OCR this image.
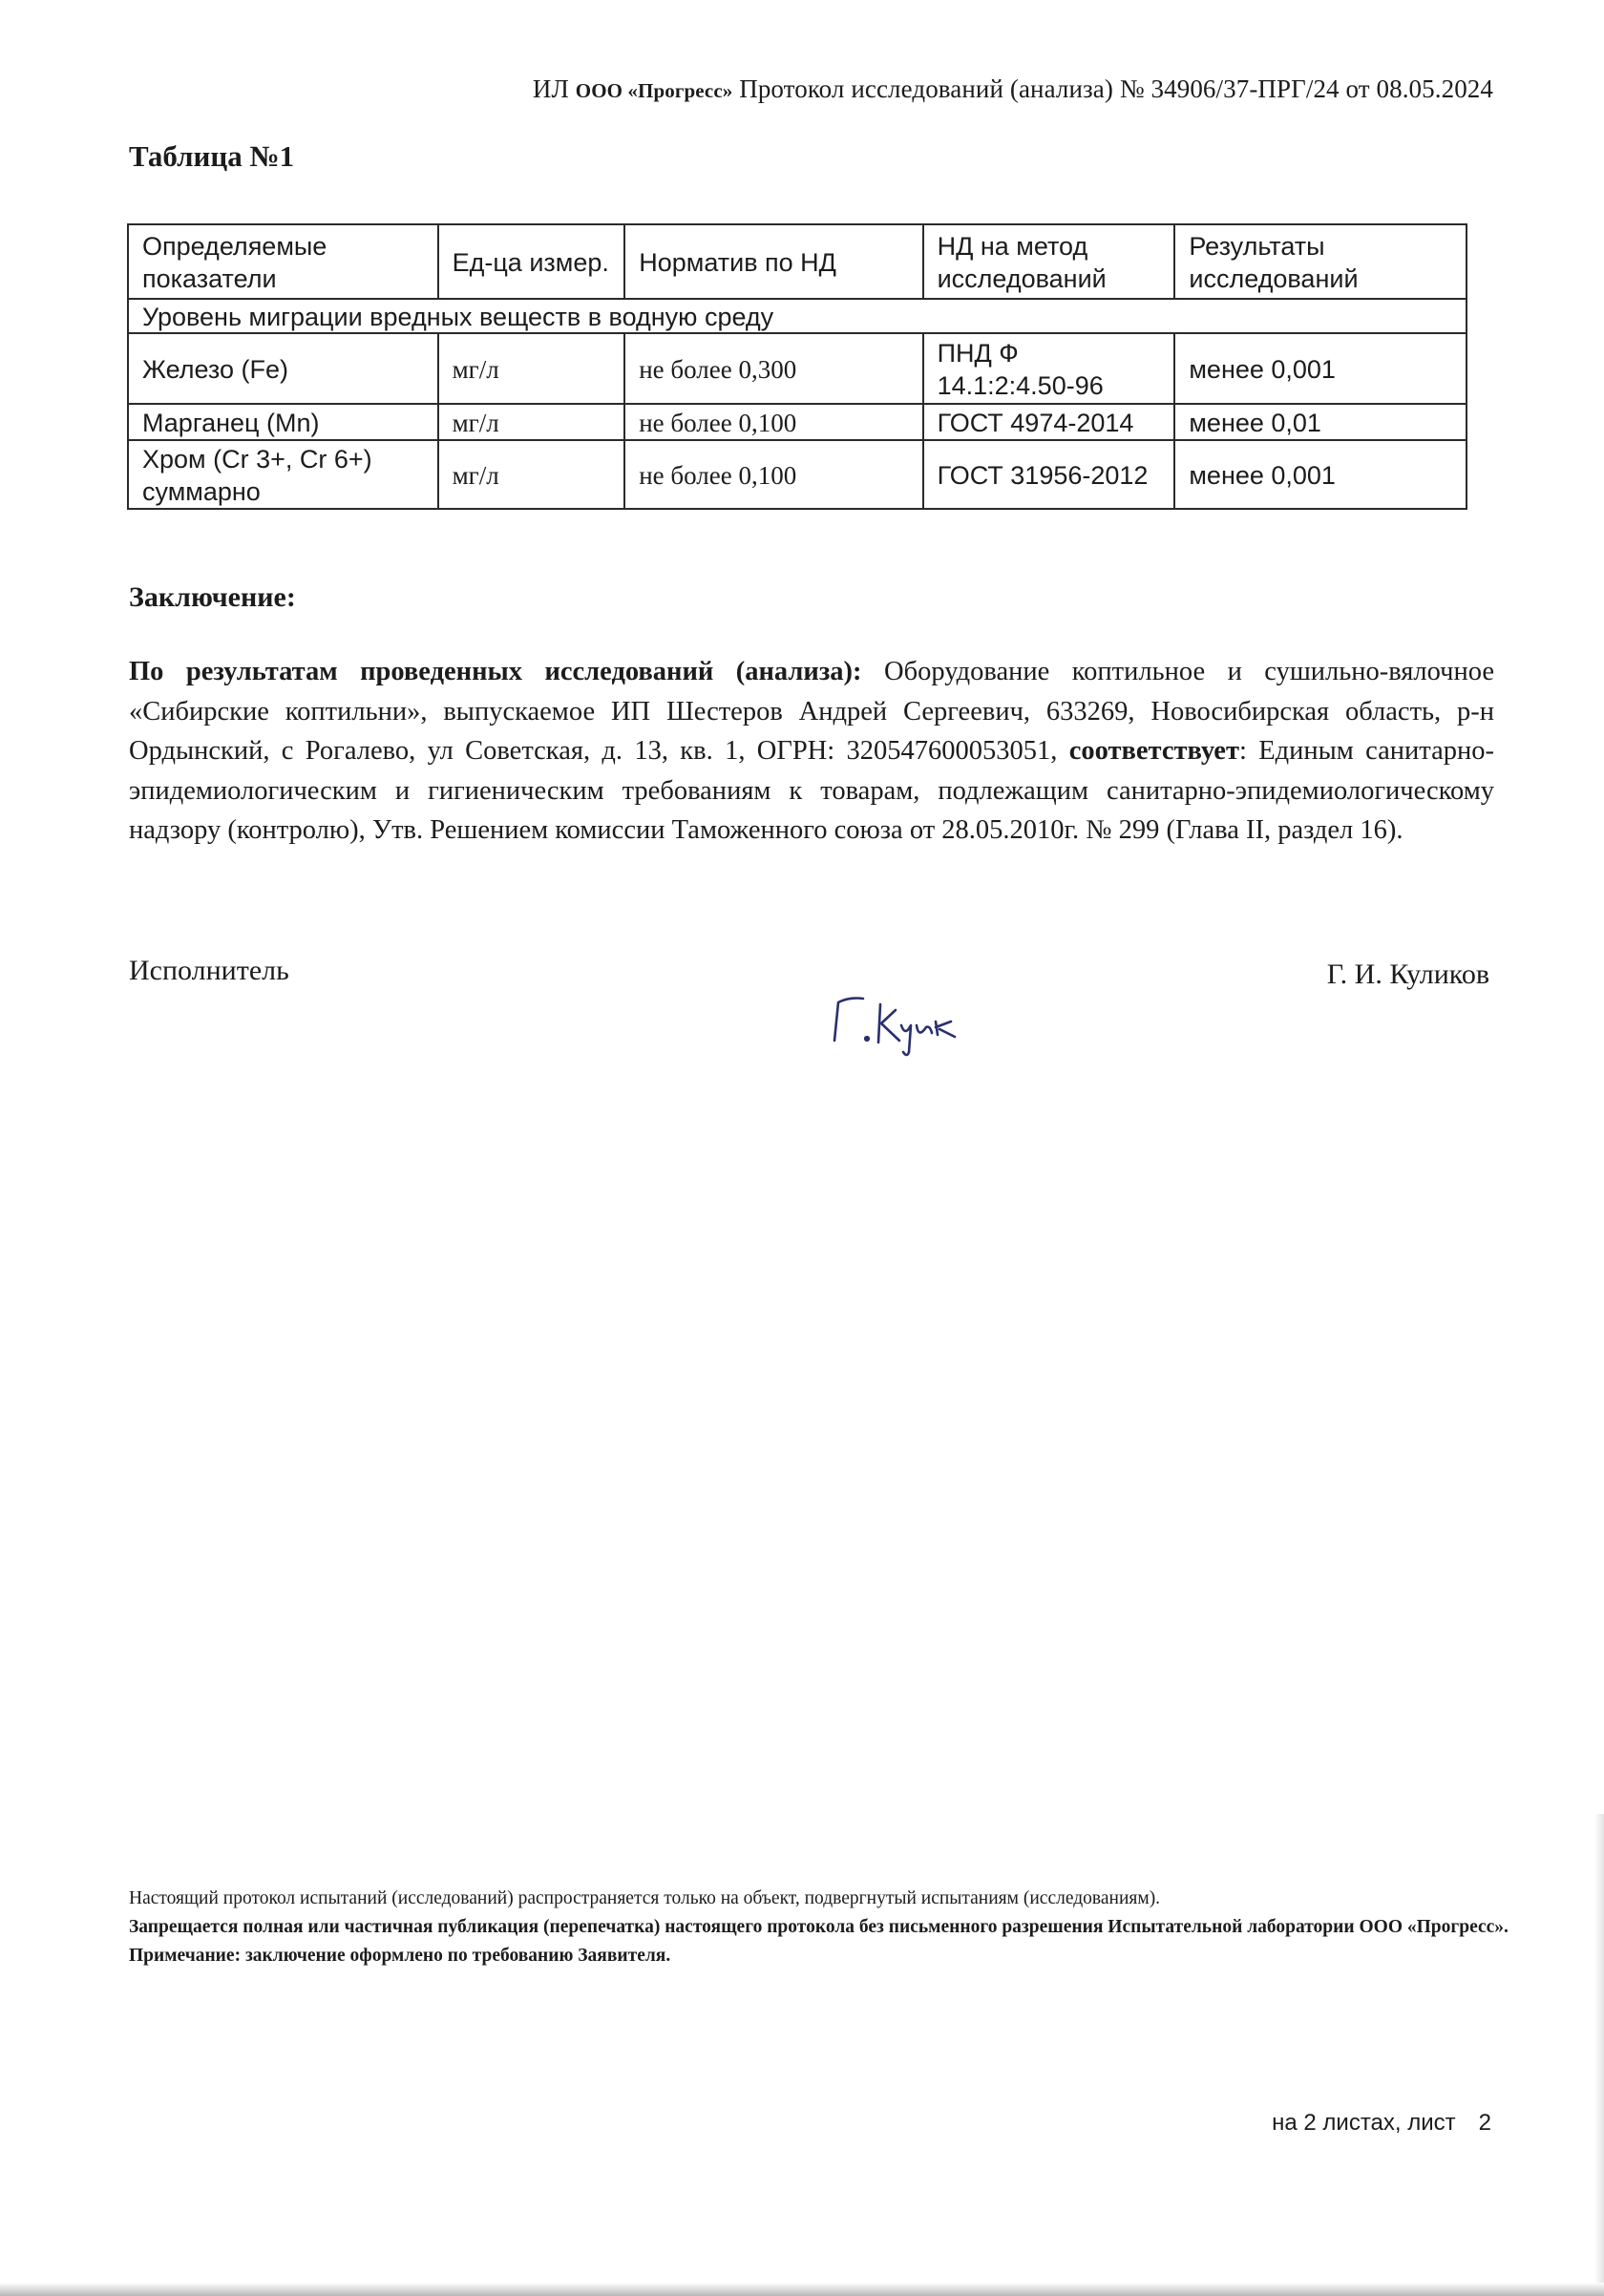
ИЛ ООО «Прогресс» Протокол исследований (анализа) № 34906/37-ПРГ/24 от 08.05.2024
Таблица №1
Определяемые показатели	Ед-ца измер.	Норматив по НД	НД на метод исследований	Результаты исследований
Уровень миграции вредных веществ в водную среду				
Железо (Fe)	мг/л	не более 0,300	ПНД Ф 14.1:2:4.50-96	менее 0,001
Марганец (Mn)	мг/л	не более 0,100	ГОСТ 4974-2014	менее 0,01
Хром (Cr 3+, Cr 6+) суммарно	мг/л	не более 0,100	ГОСТ 31956-2012	менее 0,001
Заключение:
По результатам проведенных исследований (анализа): Оборудование коптильное и сушильно-вялочное «Сибирские коптильни», выпускаемое ИП Шестеров Андрей Сергеевич, 633269, Новосибирская область, р-н Ордынский, с Рогалево, ул Советская, д. 13, кв. 1, ОГРН: 320547600053051, соответствует: Единым санитарно-эпидемиологическим и гигиеническим требованиям к товарам, подлежащим санитарно-эпидемиологическому надзору (контролю), Утв. Решением комиссии Таможенного союза от 28.05.2010г. № 299 (Глава II, раздел 16).
Исполнитель	Г. И. Куликов
Настоящий протокол испытаний (исследований) распространяется только на объект, подвергнутый испытаниям (исследованиям).
Запрещается полная или частичная публикация (перепечатка) настоящего протокола без письменного разрешения Испытательной лаборатории ООО «Прогресс».
Примечание: заключение оформлено по требованию Заявителя.
на 2 листах, лист 2
